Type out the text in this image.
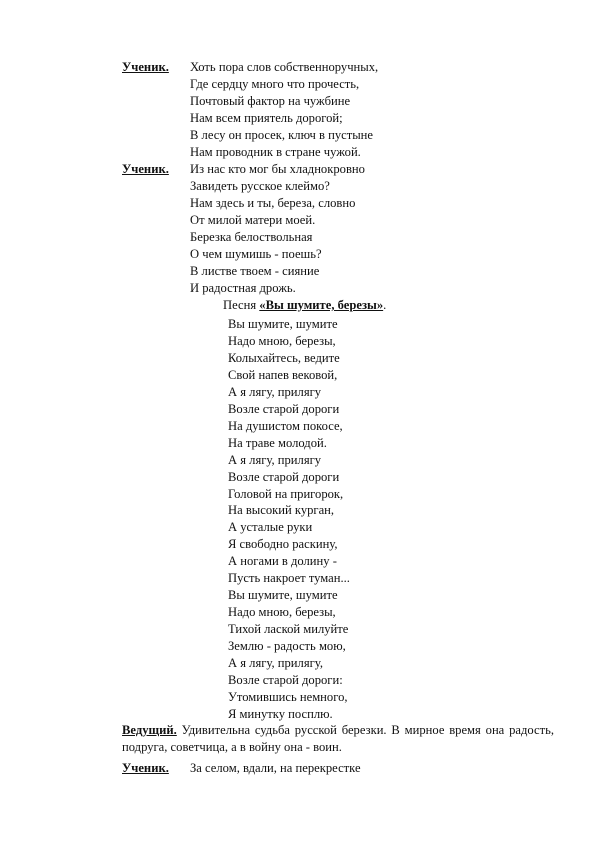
Ученик. Хоть пора слов собственноручных,
Где сердцу много что прочесть,
Почтовый фактор на чужбине
Нам всем приятель дорогой;
В лесу он просек, ключ в пустыне
Нам проводник в стране чужой.
Ученик. Из нас кто мог бы хладнокровно
Завидеть русское клеймо?
Нам здесь и ты, береза, словно
От милой матери моей.
Березка белоствольная
О чем шумишь - поешь?
В листве твоем - сияние
И радостная дрожь.
Песня «Вы шумите, березы».
Вы шумите, шумите
Надо мною, березы,
Колыхайтесь, ведите
Свой напев вековой,
А я лягу, прилягу
Возле старой дороги
На душистом покосе,
На траве молодой.
А я лягу, прилягу
Возле старой дороги
Головой на пригорок,
На высокий курган,
А усталые руки
Я свободно раскину,
А ногами в долину -
Пусть накроет туман...
Вы шумите, шумите
Надо мною, березы,
Тихой лаской милуйте
Землю - радость мою,
А я лягу, прилягу,
Возле старой дороги:
Утомившись немного,
Я минутку посплю.
Ведущий. Удивительна судьба русской березки. В мирное время она радость, подруга, советчица, а в войну она - воин.
Ученик. За селом, вдали, на перекрестке
